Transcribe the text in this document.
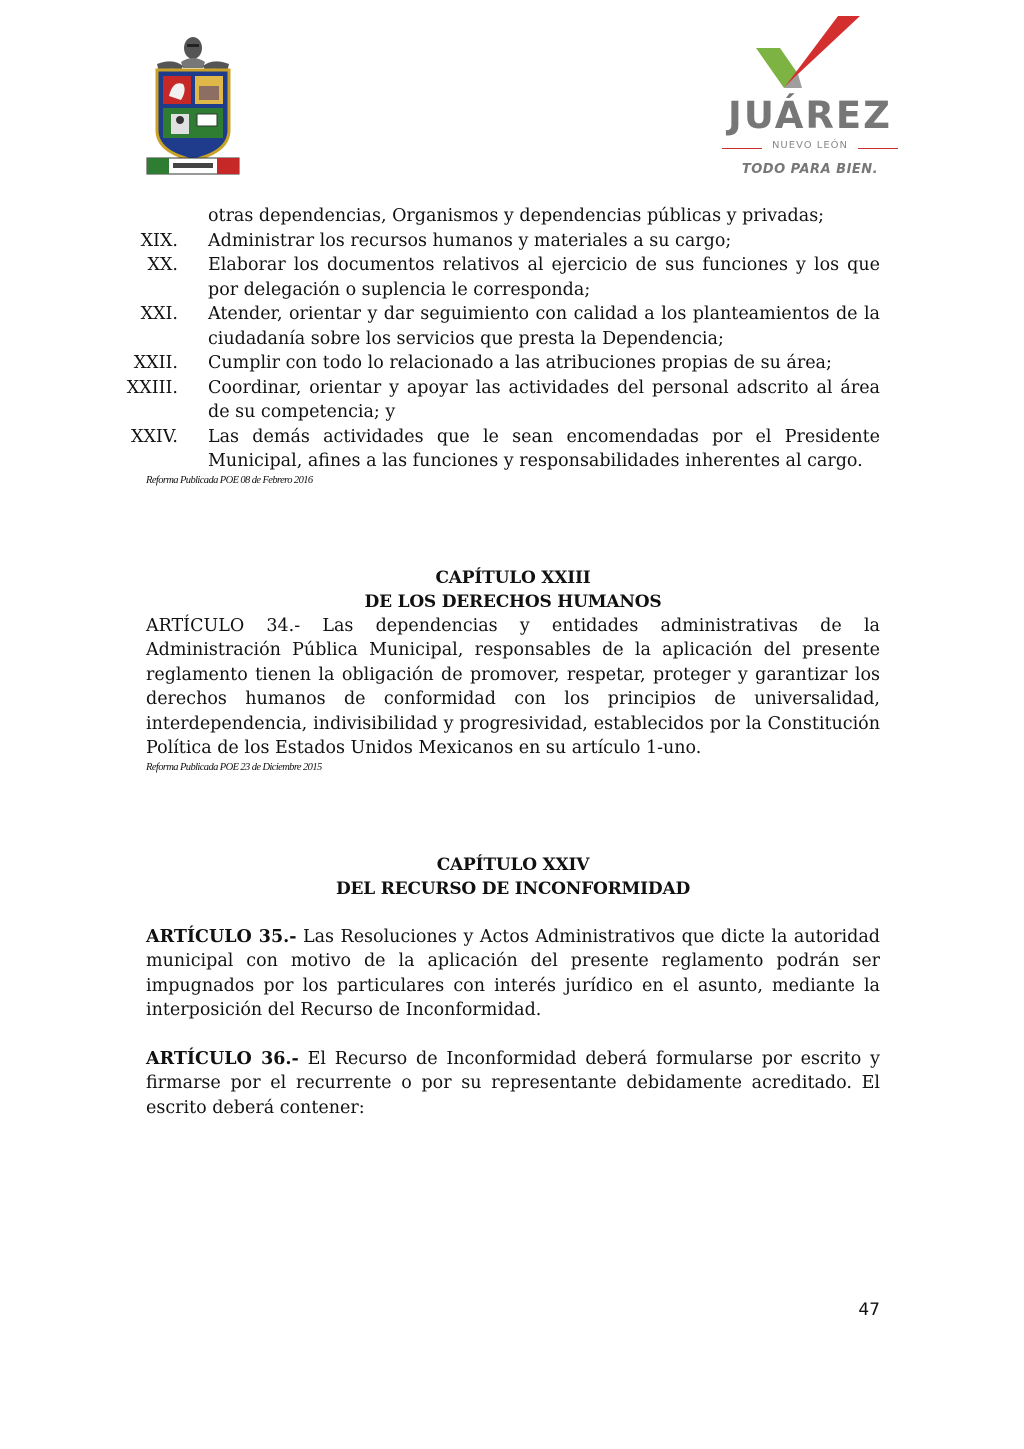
JUÁREZ
NUEVO LEÓN
TODO PARA BIEN.
otras dependencias, Organismos y dependencias públicas y privadas;
XIX. Administrar los recursos humanos y materiales a su cargo;
XX. Elaborar los documentos relativos al ejercicio de sus funciones y los que por delegación o suplencia le corresponda;
XXI. Atender, orientar y dar seguimiento con calidad a los planteamientos de la ciudadanía sobre los servicios que presta la Dependencia;
XXII. Cumplir con todo lo relacionado a las atribuciones propias de su área;
XXIII. Coordinar, orientar y apoyar las actividades del personal adscrito al área de su competencia; y
XXIV. Las demás actividades que le sean encomendadas por el Presidente Municipal, afines a las funciones y responsabilidades inherentes al cargo.
Reforma Publicada POE 08 de Febrero 2016
CAPÍTULO XXIII
DE LOS DERECHOS HUMANOS
ARTÍCULO 34.- Las dependencias y entidades administrativas de la Administración Pública Municipal, responsables de la aplicación del presente reglamento tienen la obligación de promover, respetar, proteger y garantizar los derechos humanos de conformidad con los principios de universalidad, interdependencia, indivisibilidad y progresividad, establecidos por la Constitución Política de los Estados Unidos Mexicanos en su artículo 1-uno.
Reforma Publicada POE 23 de Diciembre 2015
CAPÍTULO XXIV
DEL RECURSO DE INCONFORMIDAD
ARTÍCULO 35.- Las Resoluciones y Actos Administrativos que dicte la autoridad municipal con motivo de la aplicación del presente reglamento podrán ser impugnados por los particulares con interés jurídico en el asunto, mediante la interposición del Recurso de Inconformidad.
ARTÍCULO 36.- El Recurso de Inconformidad deberá formularse por escrito y firmarse por el recurrente o por su representante debidamente acreditado. El escrito deberá contener:
47
